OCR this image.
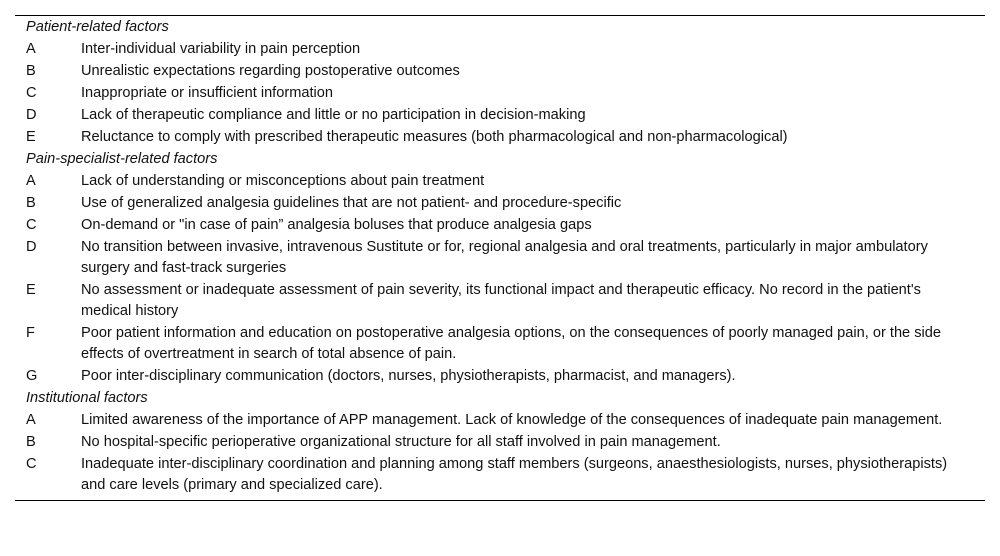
Patient-related factors
A	Inter-individual variability in pain perception
B	Unrealistic expectations regarding postoperative outcomes
C	Inappropriate or insufficient information
D	Lack of therapeutic compliance and little or no participation in decision-making
E	Reluctance to comply with prescribed therapeutic measures (both pharmacological and non-pharmacological)
Pain-specialist-related factors
A	Lack of understanding or misconceptions about pain treatment
B	Use of generalized analgesia guidelines that are not patient- and procedure-specific
C	On-demand or "in case of pain” analgesia boluses that produce analgesia gaps
D	No transition between invasive, intravenous Sustitute or for, regional analgesia and oral treatments, particularly in major ambulatory surgery and fast-track surgeries
E	No assessment or inadequate assessment of pain severity, its functional impact and therapeutic efficacy. No record in the patient's medical history
F	Poor patient information and education on postoperative analgesia options, on the consequences of poorly managed pain, or the side effects of overtreatment in search of total absence of pain.
G	Poor inter-disciplinary communication (doctors, nurses, physiotherapists, pharmacist, and managers).
Institutional factors
A	Limited awareness of the importance of APP management. Lack of knowledge of the consequences of inadequate pain management.
B	No hospital-specific perioperative organizational structure for all staff involved in pain management.
C	Inadequate inter-disciplinary coordination and planning among staff members (surgeons, anaesthesiologists, nurses, physiotherapists) and care levels (primary and specialized care).
